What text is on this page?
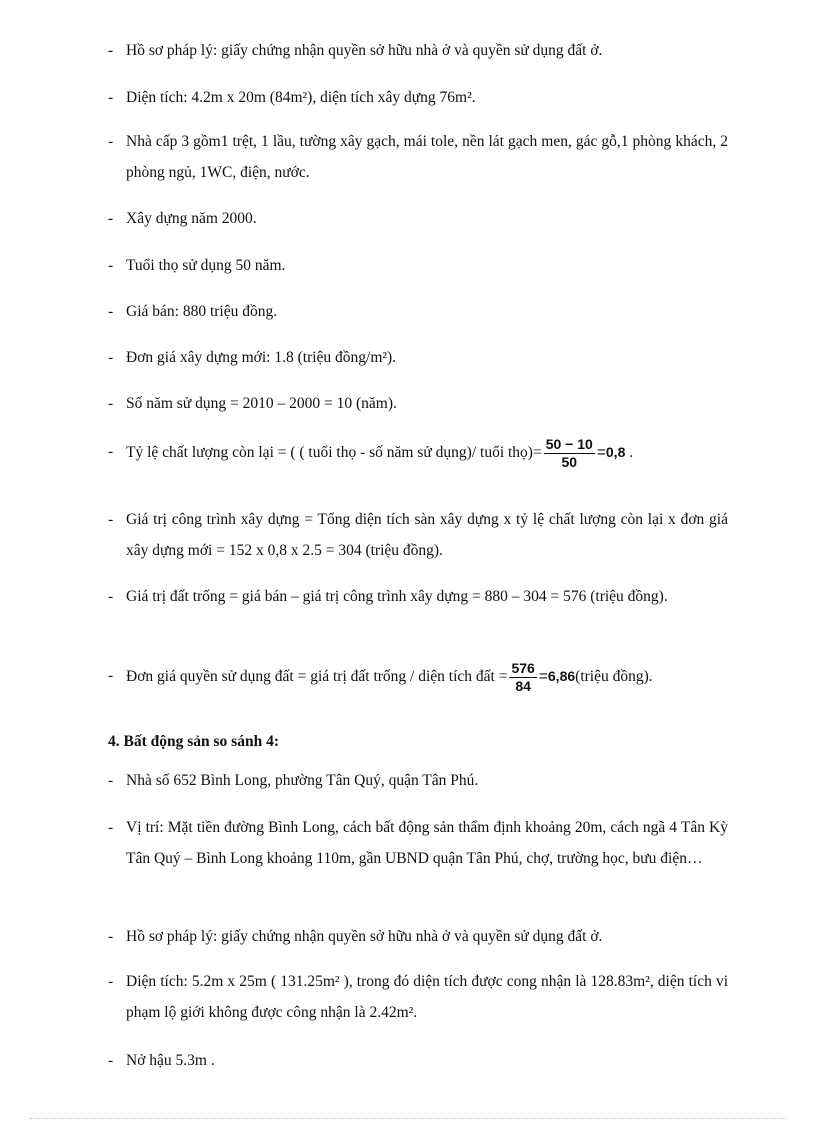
- Hồ sơ pháp lý: giấy chứng nhận quyền sở hữu nhà ở và quyền sử dụng đất ở.
- Diện tích: 4.2m x 20m (84m²), diện tích xây dựng 76m².
- Nhà cấp 3 gồm1 trệt, 1 lầu, tường xây gạch, mái tole, nền lát gạch men, gác gỗ,1 phòng khách, 2 phòng ngủ, 1WC, điện, nước.
- Xây dựng năm 2000.
- Tuổi thọ sử dụng 50 năm.
- Giá bán: 880 triệu đồng.
- Đơn giá xây dựng mới: 1.8 (triệu đồng/m²).
- Số năm sử dụng = 2010 – 2000 = 10 (năm).
- Tỷ lệ chất lượng còn lại = ( ( tuổi thọ - số năm sử dụng)/ tuổi thọ)= $\frac{50 - 10}{50} =0,8$ .
- Giá trị công trình xây dựng = Tổng diện tích sàn xây dựng x tỷ lệ chất lượng còn lại x đơn giá xây dựng mới = 152 x 0,8 x 2.5 = 304 (triệu đồng).
- Giá trị đất trống = giá bán – giá trị công trình xây dựng = 880 – 304 = 576 (triệu đồng).
- Đơn giá quyền sử dụng đất = giá trị đất trống / diện tích đất = $\frac{576}{84}$ =6,86(triệu đồng).
4. Bất động sản so sánh 4:
- Nhà số 652 Bình Long, phường Tân Quý, quận Tân Phú.
- Vị trí: Mặt tiền đường Bình Long, cách bất động sản thẩm định khoảng 20m, cách ngã 4 Tân Kỳ Tân Quý – Bình Long khoảng 110m, gần UBND quận Tân Phú, chợ, trường học, bưu điện…
- Hồ sơ pháp lý: giấy chứng nhận quyền sở hữu nhà ở và quyền sử dụng đất ở.
- Diện tích: 5.2m x 25m ( 131.25m² ), trong đó diện tích được cong nhận là 128.83m², diện tích vi phạm lộ giới không được công nhận là 2.42m².
- Nở hậu 5.3m .
